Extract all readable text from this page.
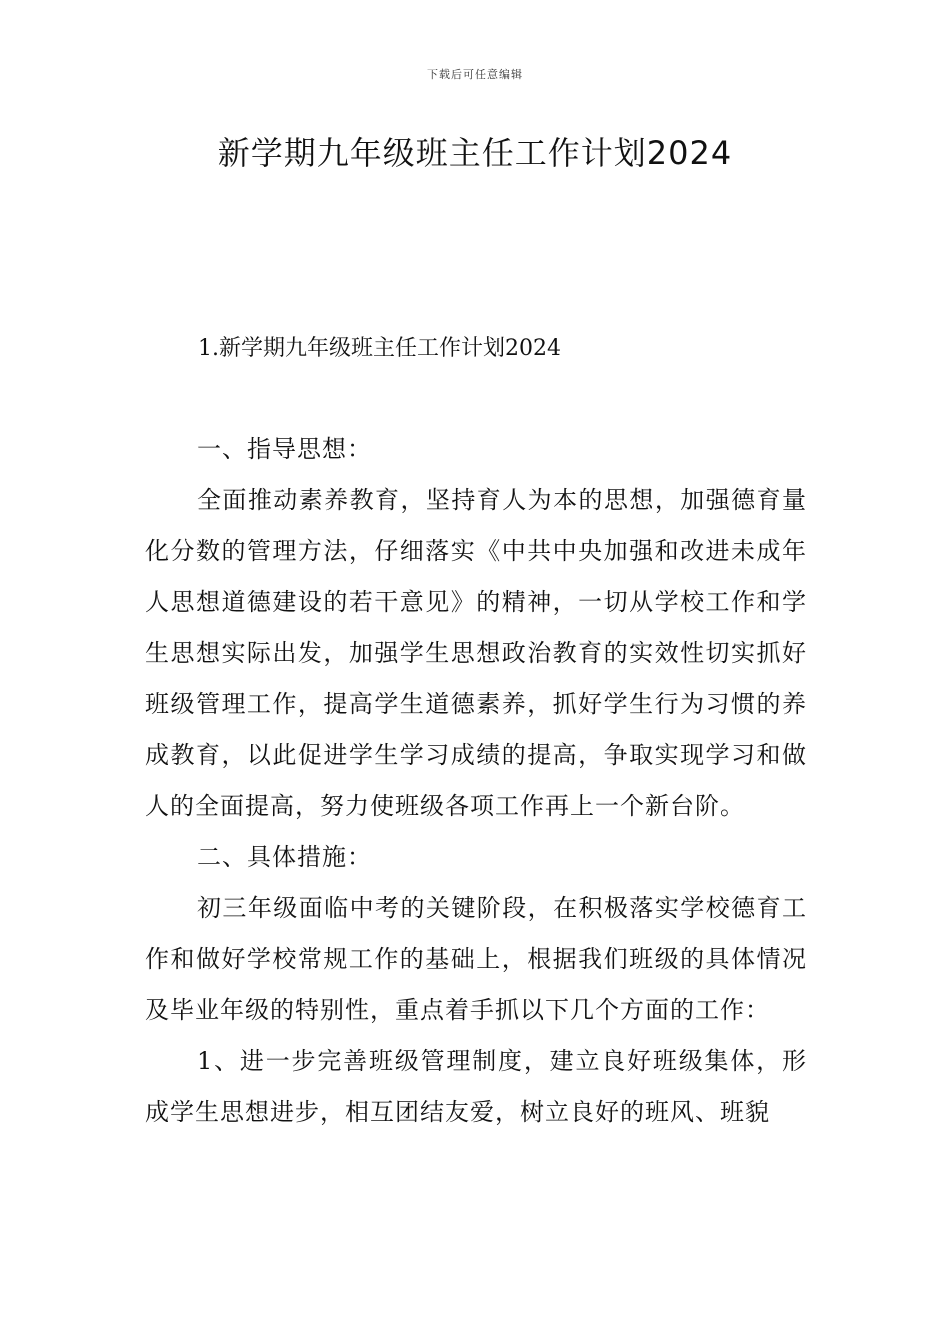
下载后可任意编辑
新学期九年级班主任工作计划2024

1.新学期九年级班主任工作计划2024

一、指导思想：

全面推动素养教育，坚持育人为本的思想，加强德育量化分数的管理方法，仔细落实《中共中央加强和改进未成年人思想道德建设的若干意见》的精神，一切从学校工作和学生思想实际出发，加强学生思想政治教育的实效性切实抓好班级管理工作，提高学生道德素养，抓好学生行为习惯的养成教育，以此促进学生学习成绩的提高，争取实现学习和做人的全面提高，努力使班级各项工作再上一个新台阶。

二、具体措施：

初三年级面临中考的关键阶段，在积极落实学校德育工作和做好学校常规工作的基础上，根据我们班级的具体情况及毕业年级的特别性，重点着手抓以下几个方面的工作：

1、进一步完善班级管理制度，建立良好班级集体，形成学生思想进步，相互团结友爱，树立良好的班风、班貌
